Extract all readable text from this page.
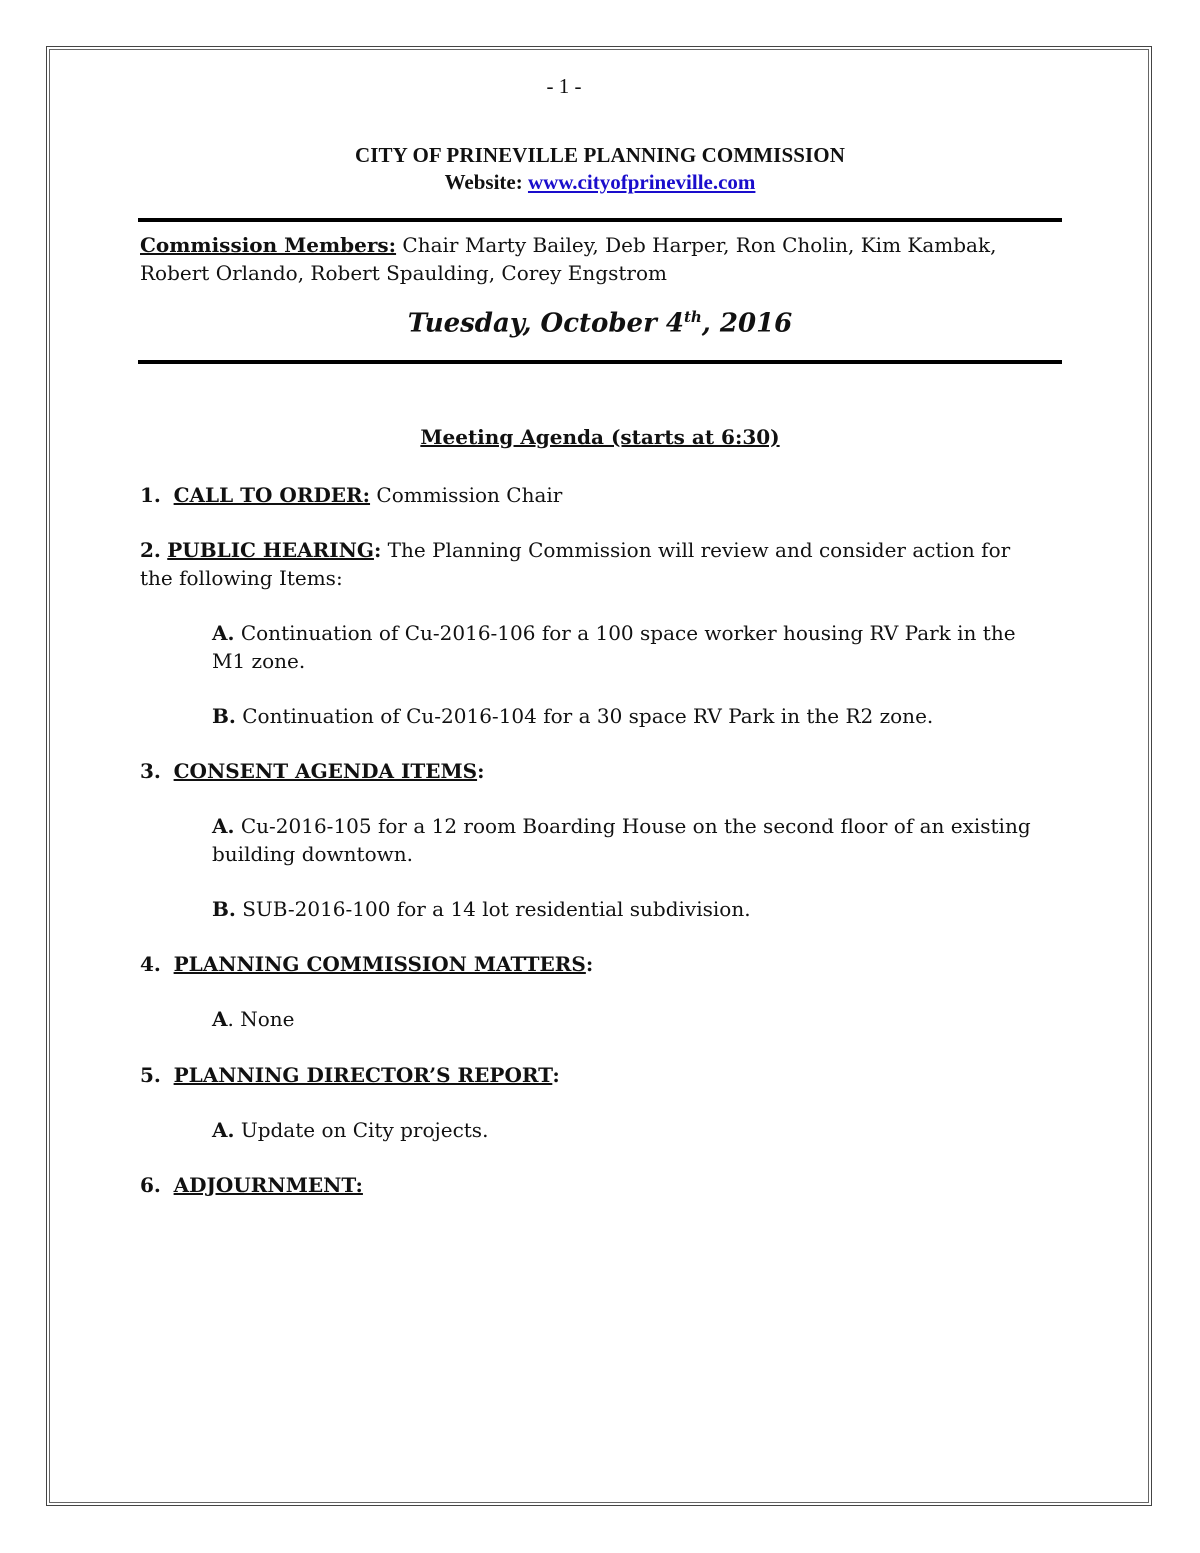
- 1 -
CITY OF PRINEVILLE PLANNING COMMISSION
Website: www.cityofprineville.com
Commission Members: Chair Marty Bailey, Deb Harper, Ron Cholin, Kim Kambak, Robert Orlando, Robert Spaulding, Corey Engstrom
Tuesday, October 4th, 2016
Meeting Agenda (starts at 6:30)
1. CALL TO ORDER: Commission Chair
2. PUBLIC HEARING: The Planning Commission will review and consider action for the following Items:
A. Continuation of Cu-2016-106 for a 100 space worker housing RV Park in the M1 zone.
B. Continuation of Cu-2016-104 for a 30 space RV Park in the R2 zone.
3. CONSENT AGENDA ITEMS:
A. Cu-2016-105 for a 12 room Boarding House on the second floor of an existing building downtown.
B. SUB-2016-100 for a 14 lot residential subdivision.
4. PLANNING COMMISSION MATTERS:
A. None
5. PLANNING DIRECTOR’S REPORT:
A. Update on City projects.
6. ADJOURNMENT:
